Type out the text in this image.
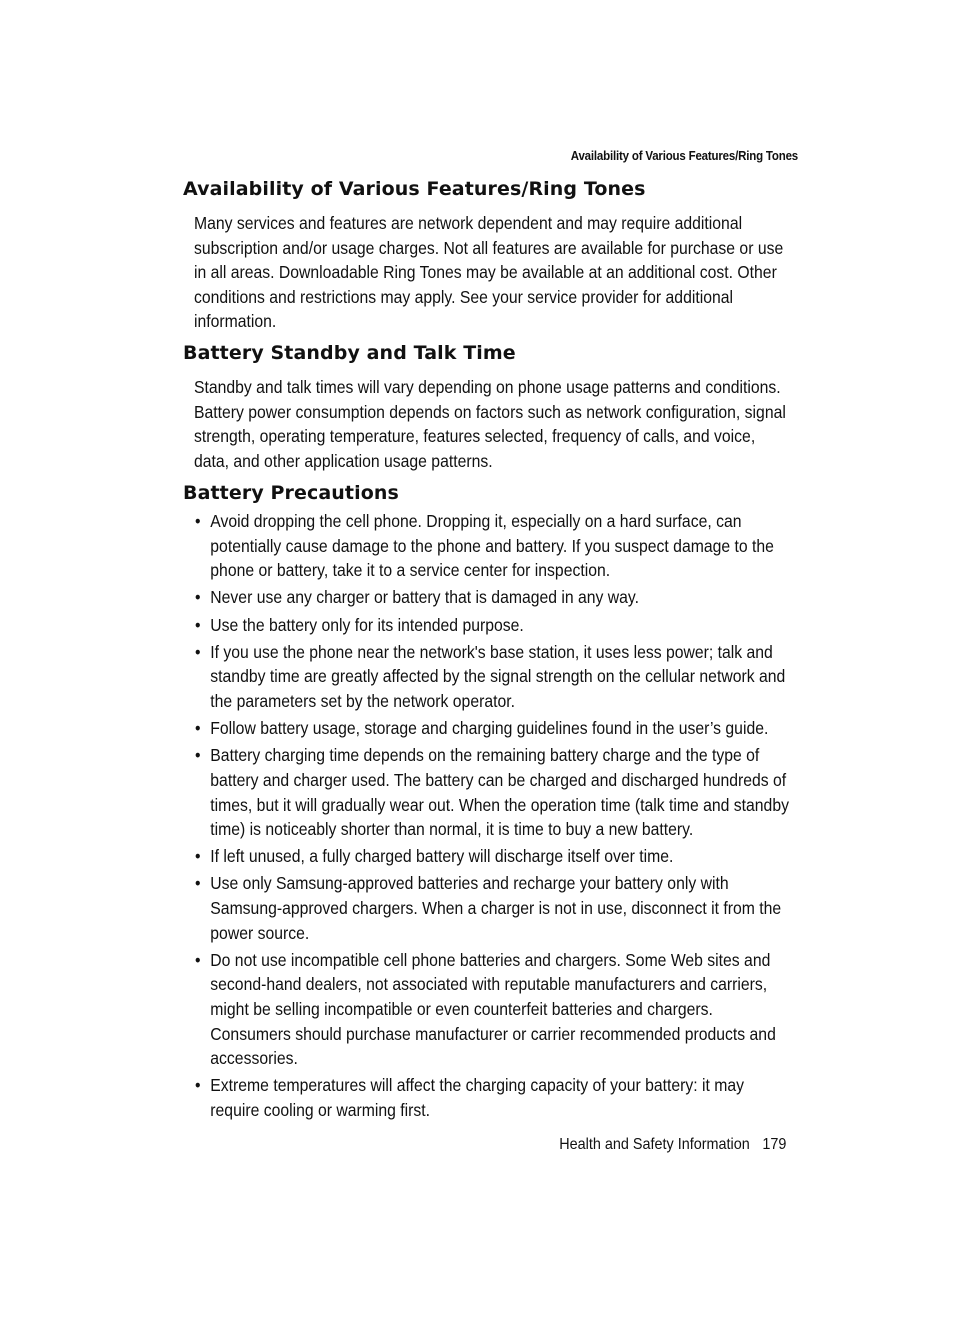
Availability of Various Features/Ring Tones
Availability of Various Features/Ring Tones

Many services and features are network dependent and may require additional subscription and/or usage charges. Not all features are available for purchase or use in all areas. Downloadable Ring Tones may be available at an additional cost. Other conditions and restrictions may apply. See your service provider for additional information.

Battery Standby and Talk Time

Standby and talk times will vary depending on phone usage patterns and conditions. Battery power consumption depends on factors such as network configuration, signal strength, operating temperature, features selected, frequency of calls, and voice, data, and other application usage patterns.

Battery Precautions
• Avoid dropping the cell phone. Dropping it, especially on a hard surface, can potentially cause damage to the phone and battery. If you suspect damage to the phone or battery, take it to a service center for inspection.
• Never use any charger or battery that is damaged in any way.
• Use the battery only for its intended purpose.
• If you use the phone near the network's base station, it uses less power; talk and standby time are greatly affected by the signal strength on the cellular network and the parameters set by the network operator.
• Follow battery usage, storage and charging guidelines found in the user’s guide.
• Battery charging time depends on the remaining battery charge and the type of battery and charger used. The battery can be charged and discharged hundreds of times, but it will gradually wear out. When the operation time (talk time and standby time) is noticeably shorter than normal, it is time to buy a new battery.
• If left unused, a fully charged battery will discharge itself over time.
• Use only Samsung-approved batteries and recharge your battery only with Samsung-approved chargers. When a charger is not in use, disconnect it from the power source.
• Do not use incompatible cell phone batteries and chargers. Some Web sites and second-hand dealers, not associated with reputable manufacturers and carriers, might be selling incompatible or even counterfeit batteries and chargers. Consumers should purchase manufacturer or carrier recommended products and accessories.
• Extreme temperatures will affect the charging capacity of your battery: it may require cooling or warming first.
Health and Safety Information 179
